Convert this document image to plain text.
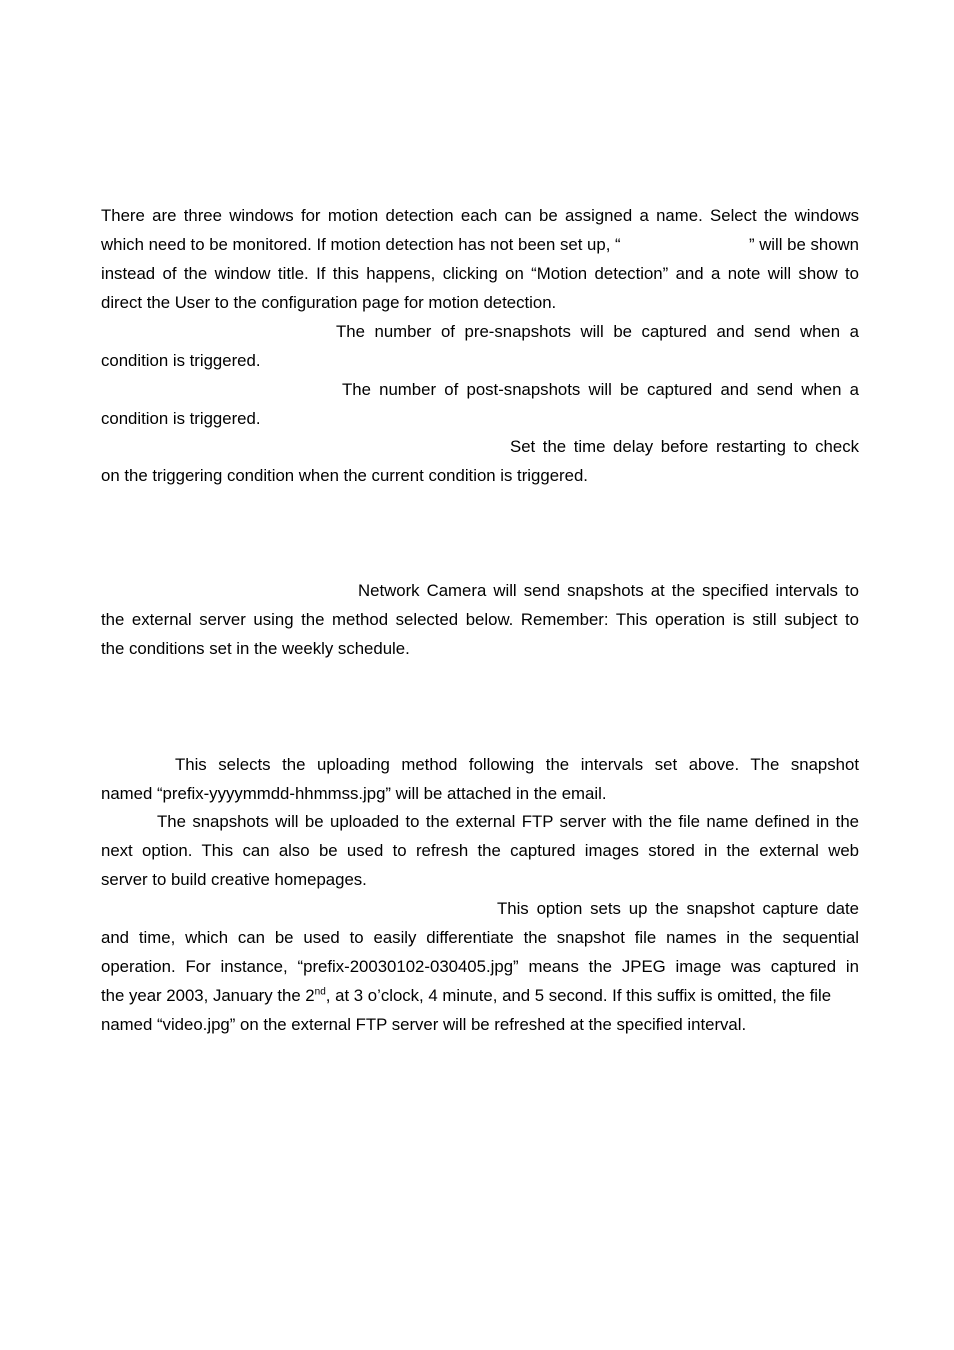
There are three windows for motion detection each can be assigned a name. Select the windows
which need to be monitored. If motion detection has not been set up, “	” will be shown
instead of the window title. If this happens, clicking on “Motion detection” and a note will show to
direct the User to the configuration page for motion detection.
The number of pre-snapshots will be captured and send when a
condition is triggered.
The number of post-snapshots will be captured and send when a
condition is triggered.
Set the time delay before restarting to check
on the triggering condition when the current condition is triggered.
Network Camera will send snapshots at the specified intervals to
the external server using the method selected below. Remember: This operation is still subject to
the conditions set in the weekly schedule.
This selects the uploading method following the intervals set above. The snapshot
named “prefix-yyyymmdd-hhmmss.jpg” will be attached in the email.
The snapshots will be uploaded to the external FTP server with the file name defined in the
next option. This can also be used to refresh the captured images stored in the external web
server to build creative homepages.
This option sets up the snapshot capture date
and time, which can be used to easily differentiate the snapshot file names in the sequential
operation. For instance, “prefix-20030102-030405.jpg” means the JPEG image was captured in
the year 2003, January the 2nd, at 3 o’clock, 4 minute, and 5 second. If this suffix is omitted, the file
named “video.jpg” on the external FTP server will be refreshed at the specified interval.
